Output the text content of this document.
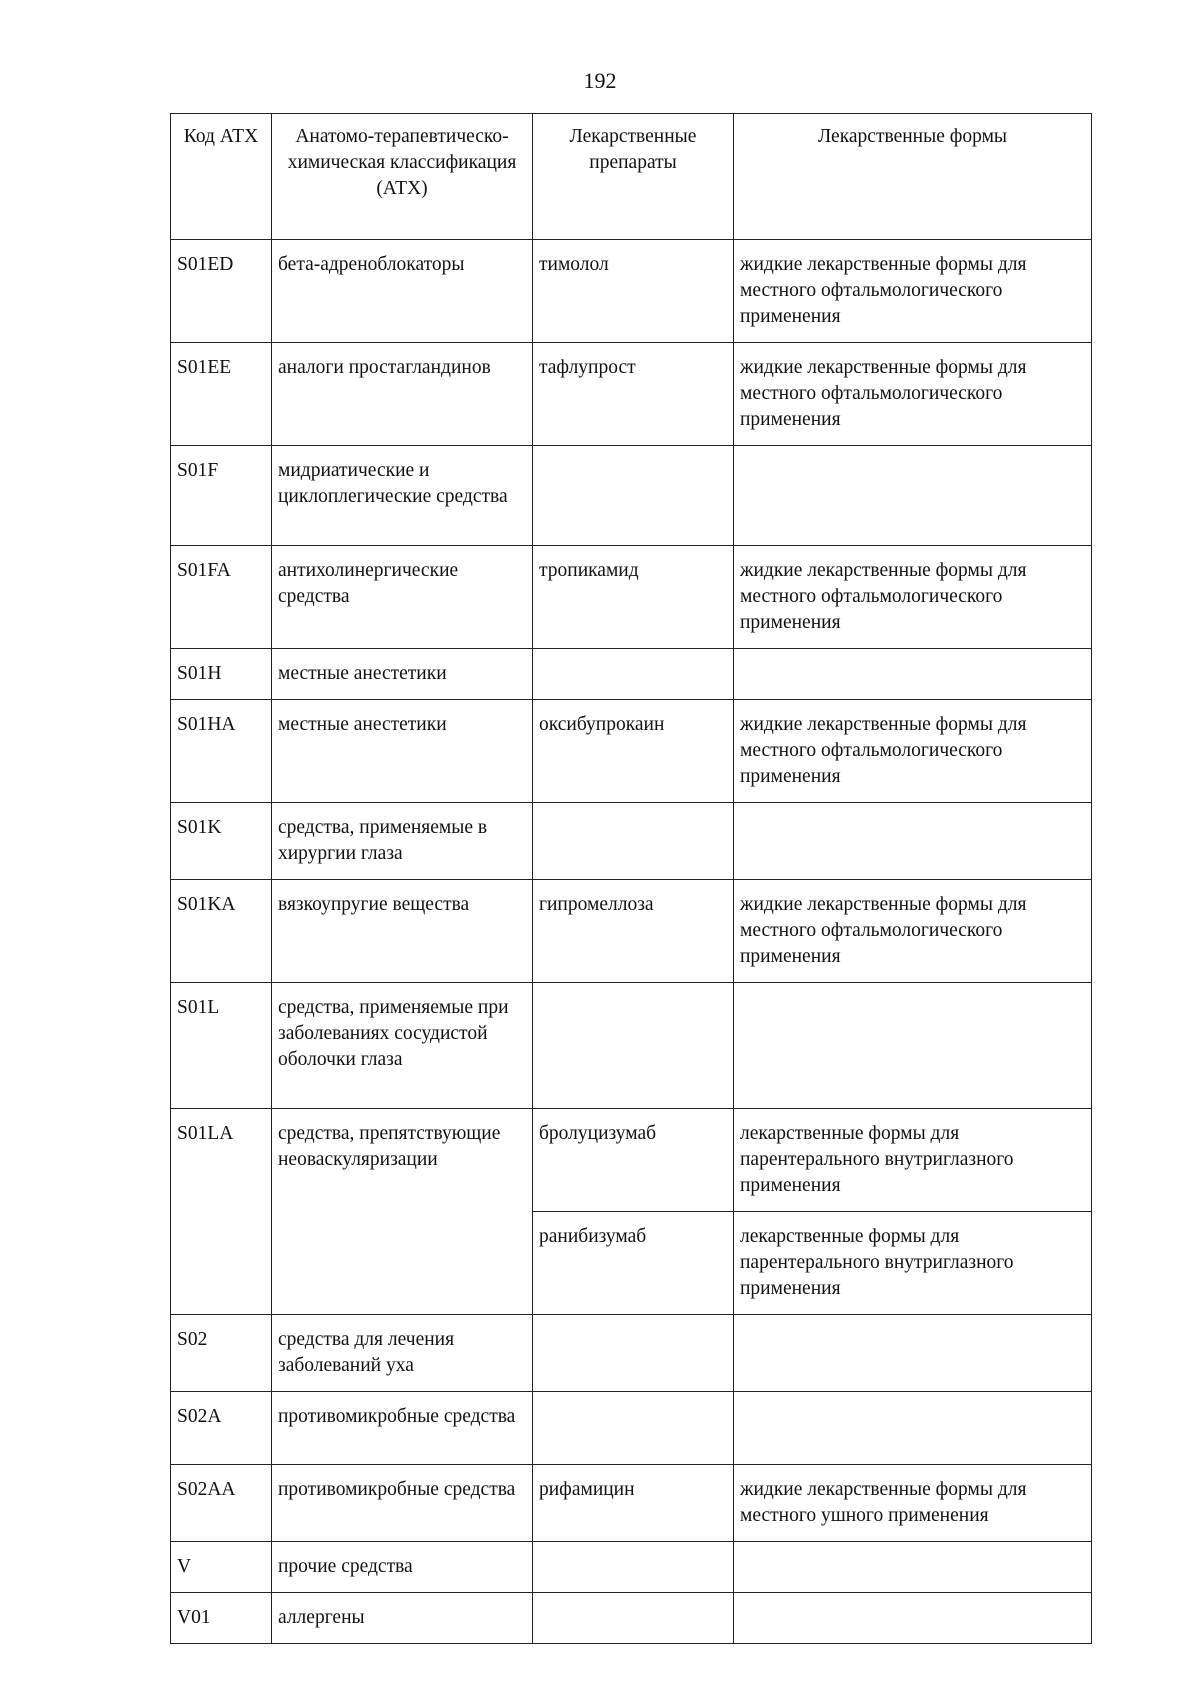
192
Код АТХ	Анатомо-терапевтическо-химическая классификация (АТХ)	Лекарственные препараты	Лекарственные формы
S01ED	бета-адреноблокаторы	тимолол	жидкие лекарственные формы для местного офтальмологического применения
S01EE	аналоги простагландинов	тафлупрост	жидкие лекарственные формы для местного офтальмологического применения
S01F	мидриатические и циклоплегические средства		
S01FA	антихолинергические средства	тропикамид	жидкие лекарственные формы для местного офтальмологического применения
S01H	местные анестетики		
S01HA	местные анестетики	оксибупрокаин	жидкие лекарственные формы для местного офтальмологического применения
S01K	средства, применяемые в хирургии глаза		
S01KA	вязкоупругие вещества	гипромеллоза	жидкие лекарственные формы для местного офтальмологического применения
S01L	средства, применяемые при заболеваниях сосудистой оболочки глаза		
S01LA	средства, препятствующие неоваскуляризации	бролуцизумаб	лекарственные формы для парентерального внутриглазного применения
		ранибизумаб	лекарственные формы для парентерального внутриглазного применения
S02	средства для лечения заболеваний уха		
S02A	противомикробные средства		
S02AA	противомикробные средства	рифамицин	жидкие лекарственные формы для местного ушного применения
V	прочие средства		
V01	аллергены		
